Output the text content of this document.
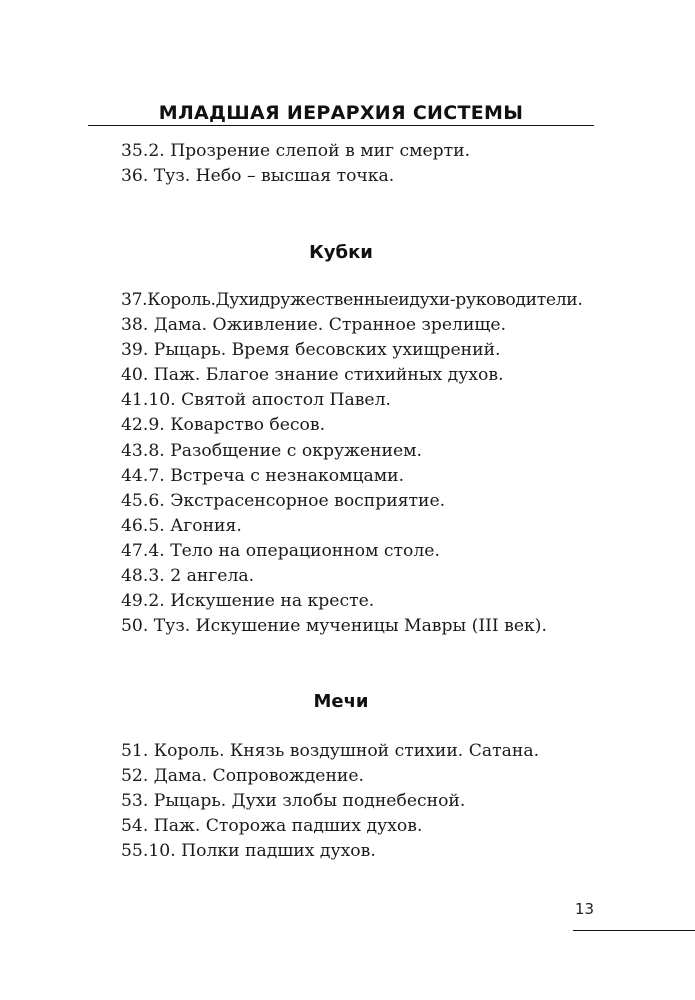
МЛАДШАЯ ИЕРАРХИЯ СИСТЕМЫ
35.2. Прозрение слепой в миг смерти.
36. Туз. Небо – высшая точка.
Кубки
37.Король.Духидружественныеидухи-руководители.
38. Дама. Оживление. Странное зрелище.
39. Рыцарь. Время бесовских ухищрений.
40. Паж. Благое знание стихийных духов.
41.10. Святой апостол Павел.
42.9. Коварство бесов.
43.8. Разобщение с окружением.
44.7. Встреча с незнакомцами.
45.6. Экстрасенсорное восприятие.
46.5. Агония.
47.4. Тело на операционном столе.
48.3. 2 ангела.
49.2. Искушение на кресте.
50. Туз. Искушение мученицы Мавры (III век).
Мечи
51. Король. Князь воздушной стихии. Сатана.
52. Дама. Сопровождение.
53. Рыцарь. Духи злобы поднебесной.
54. Паж. Сторожа падших духов.
55.10. Полки падших духов.
13
